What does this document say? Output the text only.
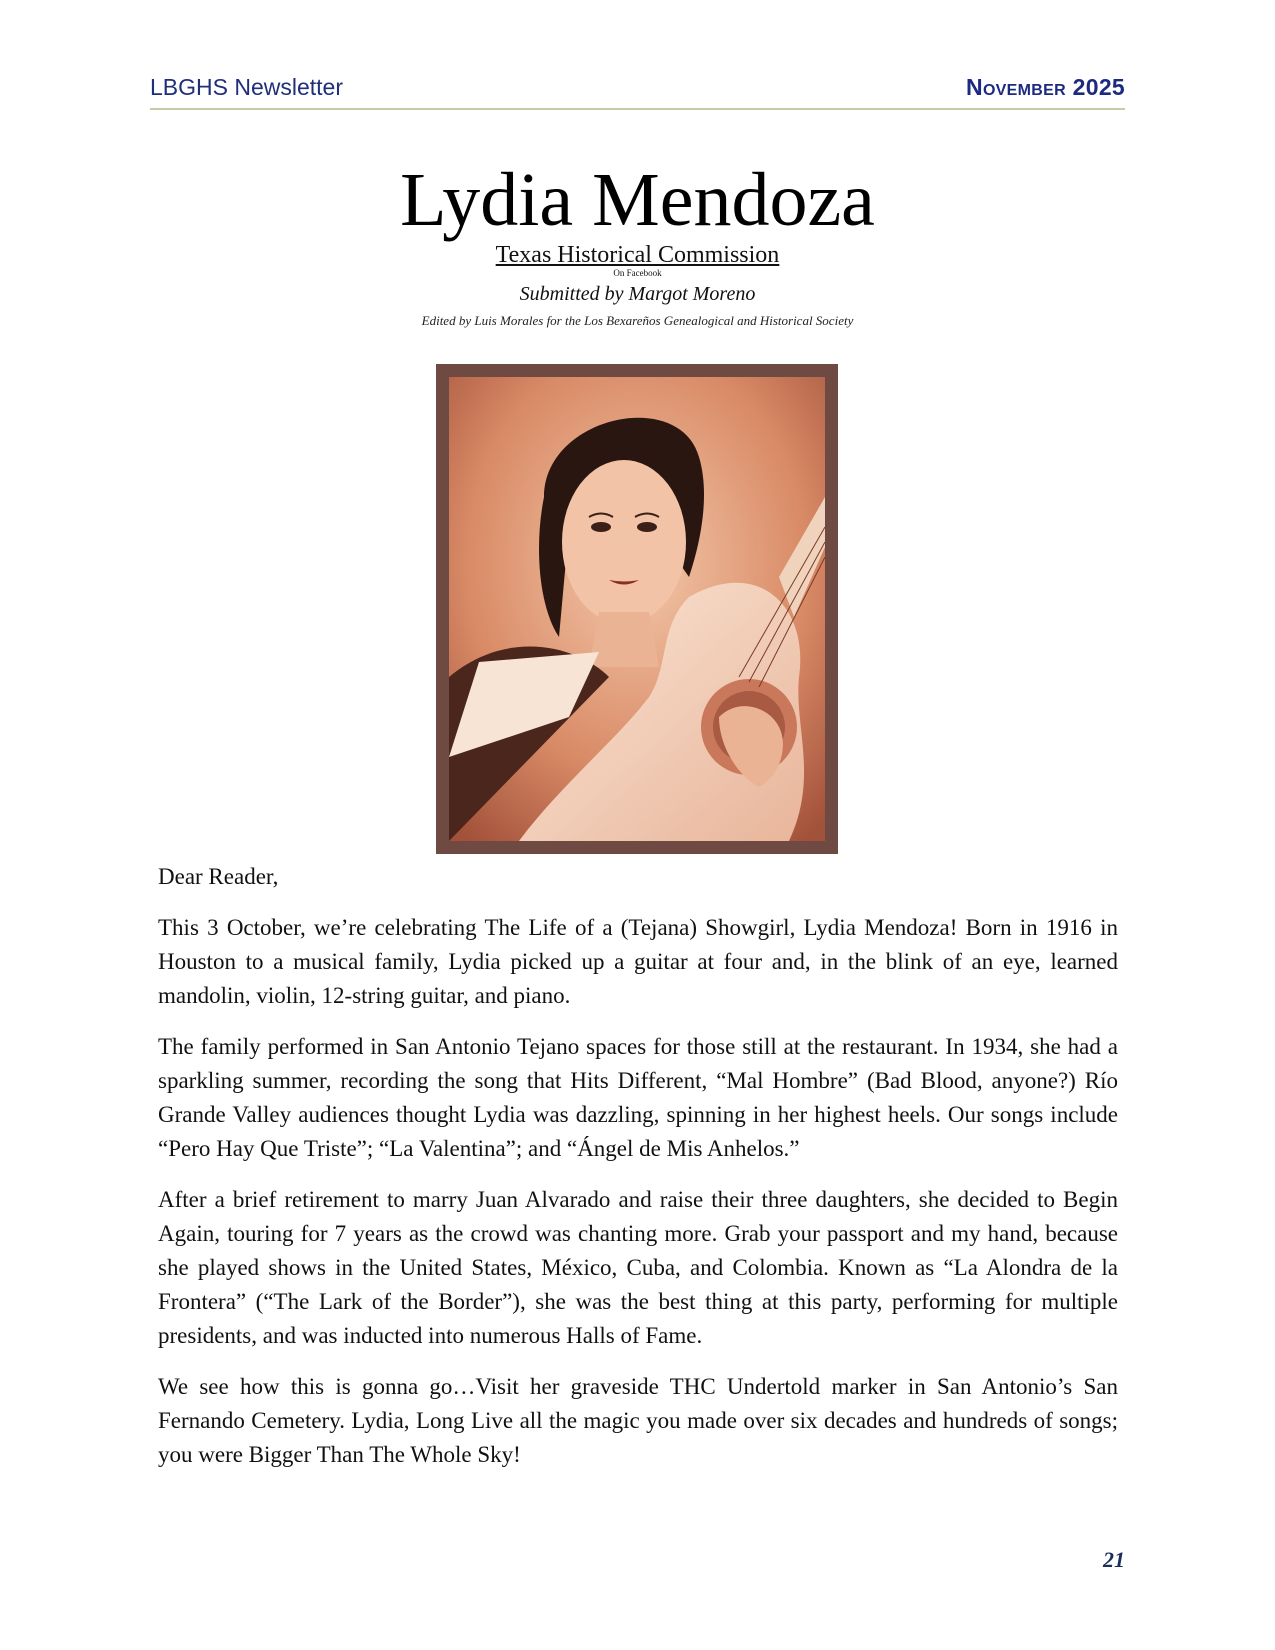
LBGHS Newsletter	November 2025
Lydia Mendoza
Texas Historical Commission
On Facebook
Submitted by Margot Moreno
Edited by Luis Morales for the Los Bexareños Genealogical and Historical Society

Dear Reader,

This 3 October, we’re celebrating The Life of a (Tejana) Showgirl, Lydia Mendoza! Born in 1916 in Houston to a musical family, Lydia picked up a guitar at four and, in the blink of an eye, learned mandolin, violin, 12-string guitar, and piano.

The family performed in San Antonio Tejano spaces for those still at the restaurant. In 1934, she had a sparkling summer, recording the song that Hits Different, “Mal Hombre” (Bad Blood, anyone?) Río Grande Valley audiences thought Lydia was dazzling, spinning in her highest heels. Our songs include “Pero Hay Que Triste”; “La Valentina”; and “Ángel de Mis Anhelos.”

After a brief retirement to marry Juan Alvarado and raise their three daughters, she decided to Begin Again, touring for 7 years as the crowd was chanting more. Grab your passport and my hand, because she played shows in the United States, México, Cuba, and Colombia. Known as “La Alondra de la Frontera” (“The Lark of the Border”), she was the best thing at this party, performing for multiple presidents, and was inducted into numerous Halls of Fame.

We see how this is gonna go…Visit her graveside THC Undertold marker in San Antonio’s San Fernando Cemetery. Lydia, Long Live all the magic you made over six decades and hundreds of songs; you were Bigger Than The Whole Sky!

21
